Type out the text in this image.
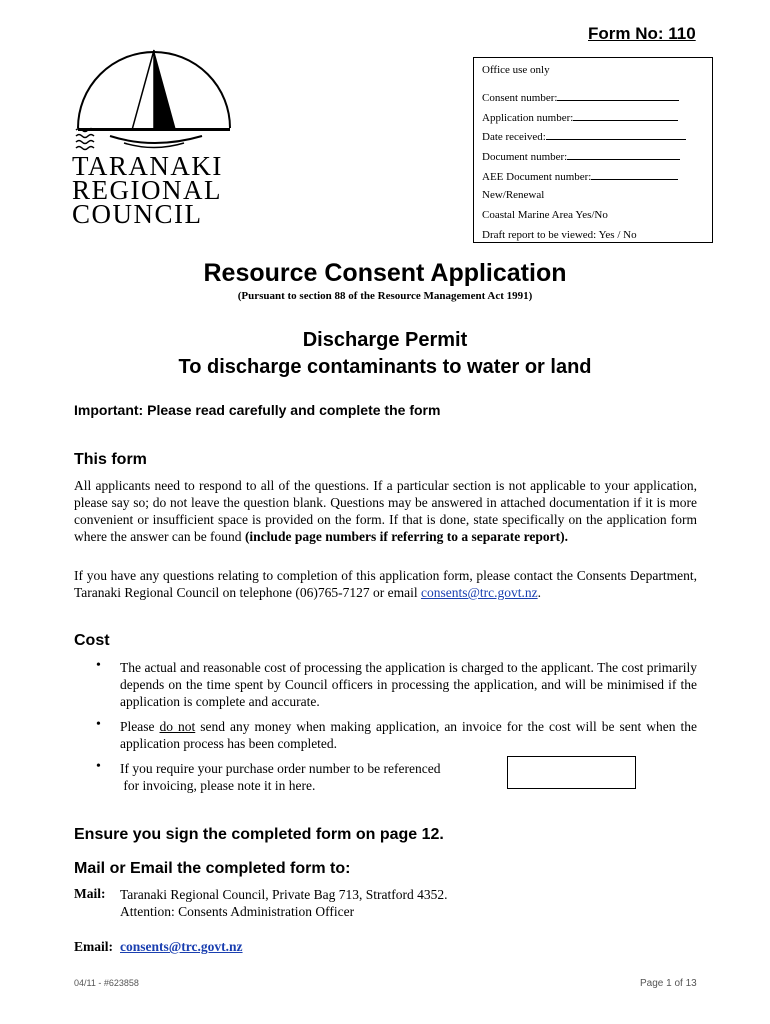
Form No: 110
TARANAKI
REGIONAL
COUNCIL
Office use only
Consent number:
Application number:
Date received:
Document number:
AEE Document number:
New/Renewal
Coastal Marine Area Yes/No
Draft report to be viewed: Yes / No
Resource Consent Application
(Pursuant to section 88 of the Resource Management Act 1991)
Discharge Permit
To discharge contaminants to water or land
Important: Please read carefully and complete the form
This form
All applicants need to respond to all of the questions. If a particular section is not applicable to your application, please say so; do not leave the question blank. Questions may be answered in attached documentation if it is more convenient or insufficient space is provided on the form. If that is done, state specifically on the application form where the answer can be found (include page numbers if referring to a separate report).
If you have any questions relating to completion of this application form, please contact the Consents Department, Taranaki Regional Council on telephone (06)765-7127 or email consents@trc.govt.nz.
Cost
• The actual and reasonable cost of processing the application is charged to the applicant. The cost primarily depends on the time spent by Council officers in processing the application, and will be minimised if the application is complete and accurate.
• Please do not send any money when making application, an invoice for the cost will be sent when the application process has been completed.
• If you require your purchase order number to be referenced
for invoicing, please note it in here.
Ensure you sign the completed form on page 12.
Mail or Email the completed form to:
Mail: Taranaki Regional Council, Private Bag 713, Stratford 4352.
Attention: Consents Administration Officer
Email: consents@trc.govt.nz
04/11 - #623858	Page 1 of 13
